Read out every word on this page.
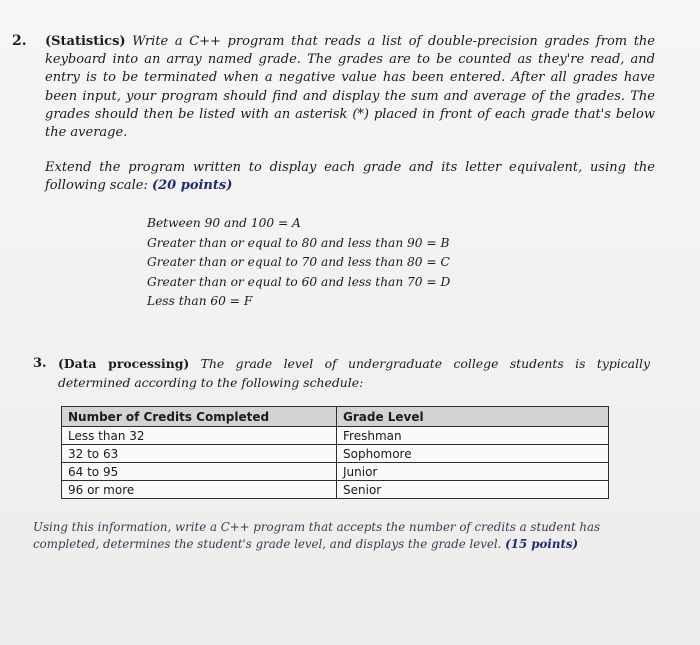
2. (Statistics) Write a C++ program that reads a list of double-precision grades from the keyboard into an array named grade. The grades are to be counted as they're read, and entry is to be terminated when a negative value has been entered. After all grades have been input, your program should find and display the sum and average of the grades. The grades should then be listed with an asterisk (*) placed in front of each grade that's below the average.
Extend the program written to display each grade and its letter equivalent, using the following scale: (20 points)
Between 90 and 100 = A
Greater than or equal to 80 and less than 90 = B
Greater than or equal to 70 and less than 80 = C
Greater than or equal to 60 and less than 70 = D
Less than 60 = F
3. (Data processing) The grade level of undergraduate college students is typically determined according to the following schedule:
Number of Credits Completed	Grade Level
Less than 32	Freshman
32 to 63	Sophomore
64 to 95	Junior
96 or more	Senior
Using this information, write a C++ program that accepts the number of credits a student has completed, determines the student's grade level, and displays the grade level. (15 points)
